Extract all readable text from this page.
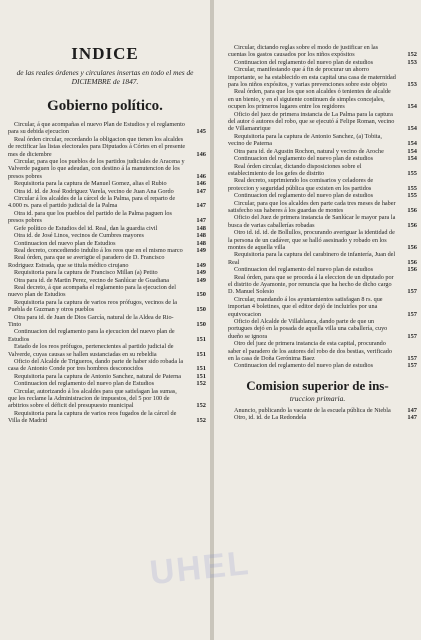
INDICE
de las reales órdenes y circulares insertas en todo el mes de DICIEMBRE de 1847.
Gobierno político.
Circular, á que acompañas el nuevo Plan de Estudios y el reglamento para su debida ejecucion	145
Real órden circular, recordando la obligacion que tienen los alcaldes de rectificar las listas electorales para Diputados á Córtes en el presente mes de diciembre	146
Circular, para que los pueblos de los partidos judiciales de Aracena y Valverde paguen lo que adeudan, con destino á la manutencion de los presos pobres	146
Requisitoria para la captura de Manuel Gomez, alias el Rubio	146
Otra id. id. de José Rodriguez Varela, vecino de Juan Ana Gordo	147
Circular á los alcaldes de la cárcel de la Palma, para el reparto de 4.000 rs. para el partido judicial de la Palma	147
Otra id. para que los pueblos del partido de la Palma paguen los presos pobres	147
Gefe político de Estudios del id. Real, dan la guardia civil	148
Otra id. de José Linos, vecinos de Cumbres mayores	148
Continuacion del nuevo plan de Estudios	148
Real decreto, concediendo indulto á los reos que en el mismo marco	149
Real órden, para que se averigüe el paradero de D. Francisco Rodriguez Estrada, que se titula médico cirujano	149
Requisitoria para la captura de Francisco Millan (a) Petito	149
Otra para id. de Martin Perez, vecino de Sanlúcar de Guadiana	149
Real decreto, á que acompaña el reglamento para la ejecucion del nuevo plan de Estudios	150
Requisitoria para la captura de varios reos prófugos, vecinos de la Puebla de Guzman y otros pueblos	150
Otra para id. de Juan de Dios García, natural de la Aldea de Rio-Tinto	150
Continuacion del reglamento para la ejecucion del nuevo plan de Estudios	151
Estado de los reos prófugos, pertenecientes al partido judicial de Valverde, cuyas causas se hallen sustanciadas en su rebeldia	151
Oficio del Alcalde de Trigueros, dando parte de haber sido robada la casa de Antonio Conde por tres hombres desconocidos	151
Requisitoria para la captura de Antonio Sanchez, natural de Paterna	151
Continuacion del reglamento del nuevo plan de Estudios	152
Circular, autorizando á los alcaldes para que satisfagan las sumas, que les reclame la Administracion de impuestos, del 5 por 100 de arbitrios sobre el déficit del presupuesto municipal	152
Requisitoria para la captura de varios reos fugados de la cárcel de Villa de Madrid	152
Circular, dictando reglas sobre el modo de justificar en las cuentas los gastos causados por los niños expósitos	152
Continuacion del reglamento del nuevo plan de estudios	153
Circular, manifestando que á fin de procurar un ahorro importante, se ha establecido en esta capital una casa de maternidad para los niños expósitos, y varias prevenciones sobre este objeto	153
Real órden, para que los que son alcaldes ó tenientes de alcalde en un bienio, y en el siguiente continuen de simples concejales, ocupen los primeros lugares entre los regidores	154
Oficio del juez de primera instancia de La Palma para la captura del autor ó autores del robo, que se ejecutó á Felipe Roman, vecino de Villamanrique	154
Requisitoria para la captura de Antonio Sanchez, (a) Tobita, vecino de Paterna	154
Otra para id. de Agustin Rochon, natural y vecino de Aroche	154
Continuacion del reglamento del nuevo plan de estudios	154
Real órden circular, dictando disposiciones sobre el establecimiento de los gefes de distrito	155
Real decreto, suprimiendo los comisarios y celadores de proteccion y seguridad pública que existen en los partidos	155
Continuacion del reglamento del nuevo plan de estudios	155
Circular, para que los alcaldes den parte cada tres meses de haber satisfecho sus haberes á los guardas de montes	156
Oficio del Juez de primera instancia de Sanlúcar le mayor para la busca de varias caballerías robadas	156
Otro id. id. id. de Bollullos, procurando averiguar la identidad de la persona de un cadáver, que se halló asesinado y robado en los montes de aquella villa	156
Requisitoria para la captura del carabinero de infantería, Juan del Real	156
Continuacion del reglamento del nuevo plan de estudios	156
Real órden, para que se proceda á la eleccion de un diputado por el distrito de Ayamonte, por renuncia que ha hecho de dicho cargo D. Manuel Solesio	157
Circular, mandando á los ayuntamientos satisfagan 8 rs. que importan 4 boletines, que el editor dejó de incluirles por una equivocacion	157
Oficio del Alcalde de Villablanca, dando parte de que un portugues dejó en la posada de aquella villa una caballería, cuyo dueño se ignora	157
Otro del juez de primera instancia de esta capital, procurando saber el paradero de los autores del robo de dos bestias, verificado en la casa de Doña Gerónima Baez	157
Continuacion del reglamento del nuevo plan de estudios	157
Comision superior de ins-
truccion primaria.
Anuncio, publicando la vacante de la escuela pública de Niebla	147
Otro, id. id. de La Redondela	147
UHEL
